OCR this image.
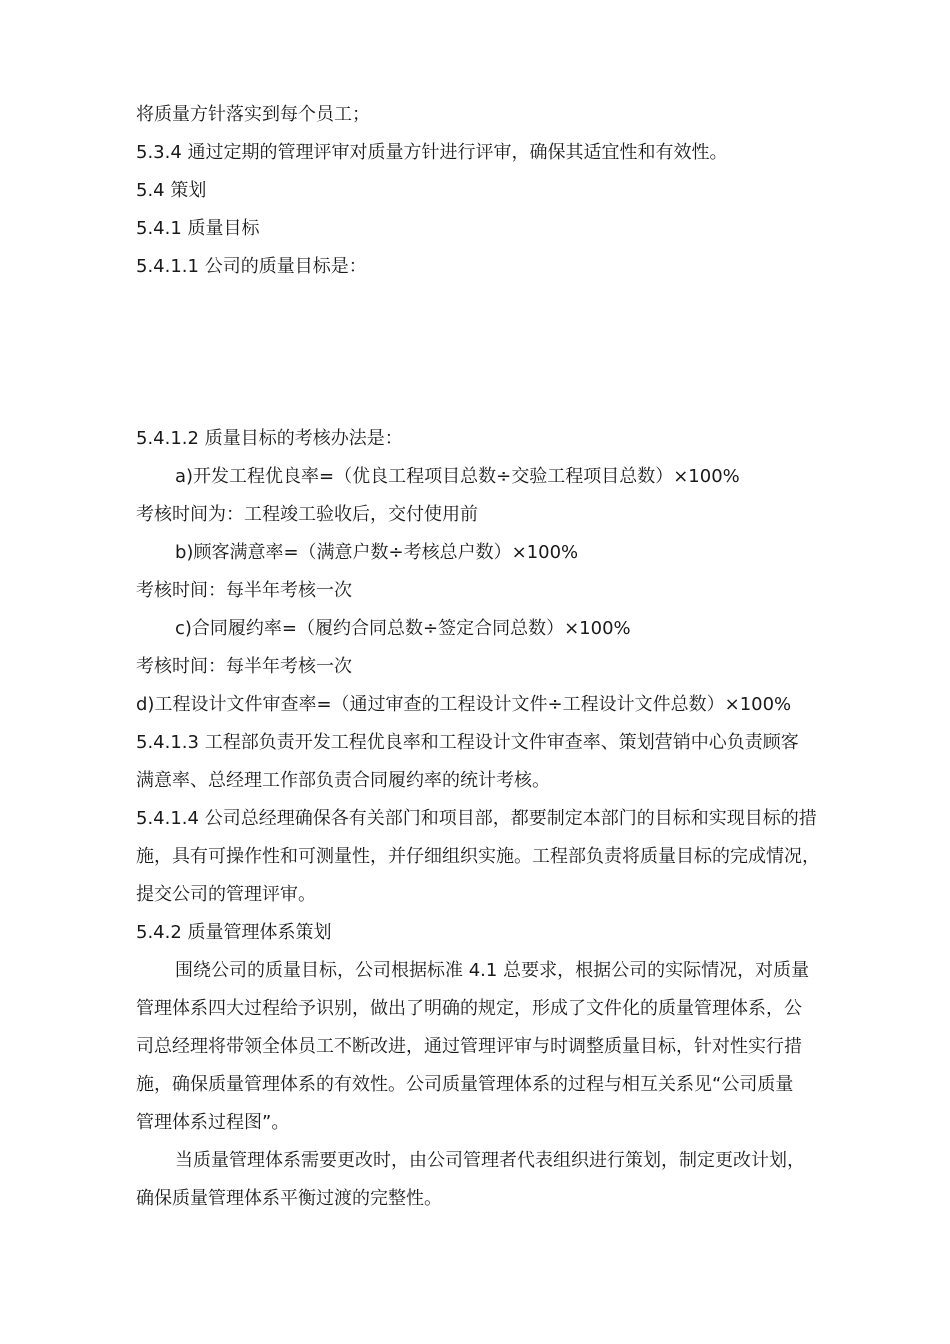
将质量方针落实到每个员工；
5.3.4 通过定期的管理评审对质量方针进行评审，确保其适宜性和有效性。
5.4 策划
5.4.1 质量目标
5.4.1.1 公司的质量目标是：
5.4.1.2 质量目标的考核办法是：
a)开发工程优良率=（优良工程项目总数÷交验工程项目总数）×100%
考核时间为：工程竣工验收后，交付使用前
b)顾客满意率=（满意户数÷考核总户数）×100%
考核时间：每半年考核一次
c)合同履约率=（履约合同总数÷签定合同总数）×100%
考核时间：每半年考核一次
d)工程设计文件审查率=（通过审查的工程设计文件÷工程设计文件总数）×100%
5.4.1.3 工程部负责开发工程优良率和工程设计文件审查率、策划营销中心负责顾客
满意率、总经理工作部负责合同履约率的统计考核。
5.4.1.4 公司总经理确保各有关部门和项目部，都要制定本部门的目标和实现目标的措
施，具有可操作性和可测量性，并仔细组织实施。工程部负责将质量目标的完成情况，
提交公司的管理评审。
5.4.2 质量管理体系策划
围绕公司的质量目标，公司根据标准 4.1 总要求，根据公司的实际情况，对质量
管理体系四大过程给予识别，做出了明确的规定，形成了文件化的质量管理体系，公
司总经理将带领全体员工不断改进，通过管理评审与时调整质量目标，针对性实行措
施，确保质量管理体系的有效性。公司质量管理体系的过程与相互关系见“公司质量
管理体系过程图”。
当质量管理体系需要更改时，由公司管理者代表组织进行策划，制定更改计划，
确保质量管理体系平衡过渡的完整性。
